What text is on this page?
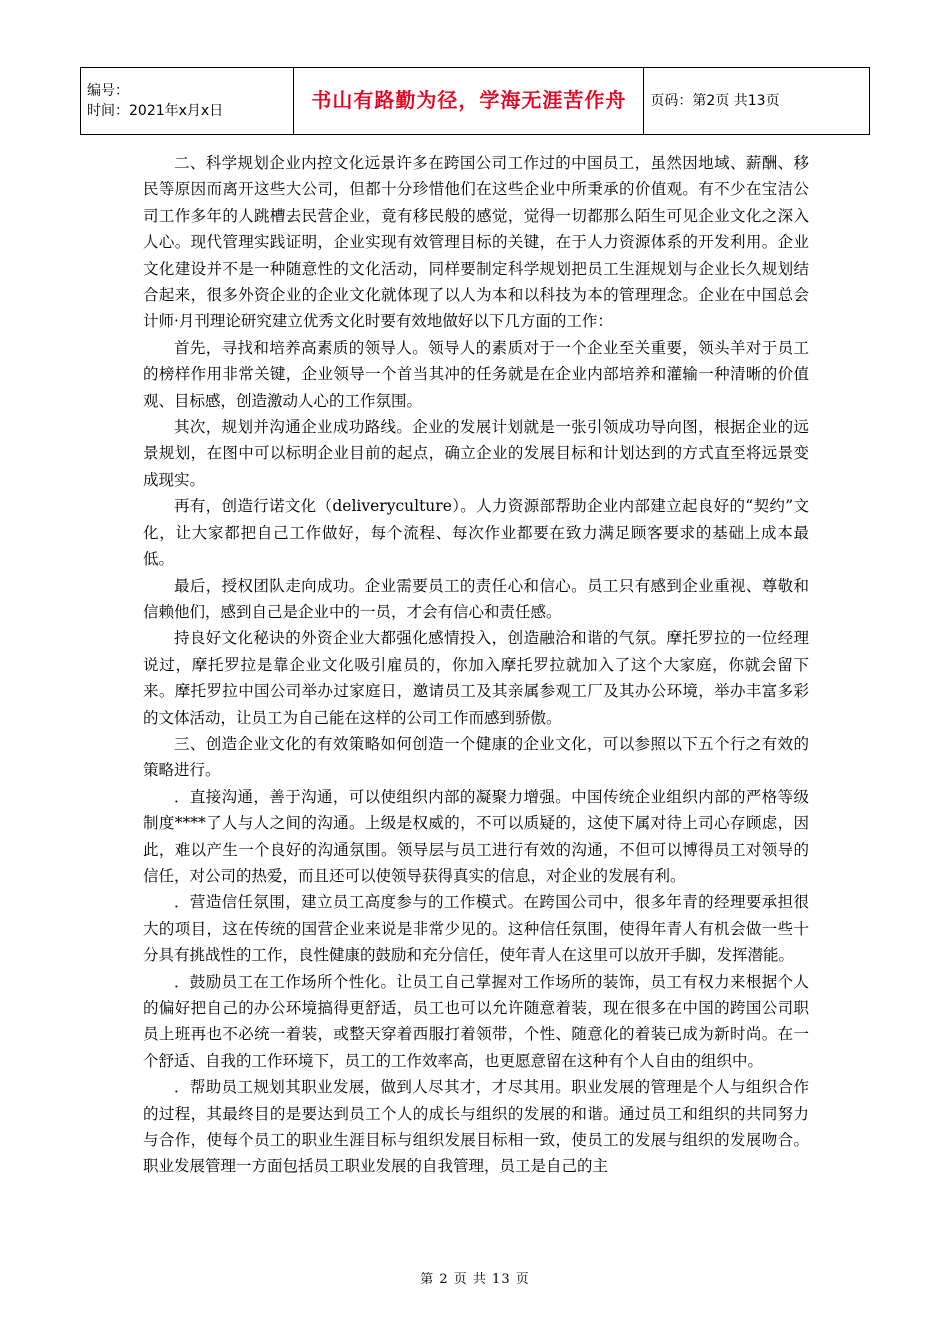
编号：
时间：2021年x月x日	书山有路勤为径，学海无涯苦作舟	页码：第2页 共13页

二、科学规划企业内控文化远景许多在跨国公司工作过的中国员工，虽然因地域、薪酬、移民等原因而离开这些大公司，但都十分珍惜他们在这些企业中所秉承的价值观。有不少在宝洁公司工作多年的人跳槽去民营企业，竟有移民般的感觉，觉得一切都那么陌生可见企业文化之深入人心。现代管理实践证明，企业实现有效管理目标的关键，在于人力资源体系的开发利用。企业文化建设并不是一种随意性的文化活动，同样要制定科学规划把员工生涯规划与企业长久规划结合起来，很多外资企业的企业文化就体现了以人为本和以科技为本的管理理念。企业在中国总会计师·月刊理论研究建立优秀文化时要有效地做好以下几方面的工作：

首先，寻找和培养高素质的领导人。领导人的素质对于一个企业至关重要，领头羊对于员工的榜样作用非常关键，企业领导一个首当其冲的任务就是在企业内部培养和灌输一种清晰的价值观、目标感，创造激动人心的工作氛围。

其次，规划并沟通企业成功路线。企业的发展计划就是一张引领成功导向图，根据企业的远景规划，在图中可以标明企业目前的起点，确立企业的发展目标和计划达到的方式直至将远景变成现实。

再有，创造行诺文化（deliveryculture）。人力资源部帮助企业内部建立起良好的“契约”文化，让大家都把自己工作做好，每个流程、每次作业都要在致力满足顾客要求的基础上成本最低。

最后，授权团队走向成功。企业需要员工的责任心和信心。员工只有感到企业重视、尊敬和信赖他们，感到自己是企业中的一员，才会有信心和责任感。

持良好文化秘诀的外资企业大都强化感情投入，创造融洽和谐的气氛。摩托罗拉的一位经理说过，摩托罗拉是靠企业文化吸引雇员的，你加入摩托罗拉就加入了这个大家庭，你就会留下来。摩托罗拉中国公司举办过家庭日，邀请员工及其亲属参观工厂及其办公环境，举办丰富多彩的文体活动，让员工为自己能在这样的公司工作而感到骄傲。

三、创造企业文化的有效策略如何创造一个健康的企业文化，可以参照以下五个行之有效的策略进行。

．直接沟通，善于沟通，可以使组织内部的凝聚力增强。中国传统企业组织内部的严格等级制度****了人与人之间的沟通。上级是权威的，不可以质疑的，这使下属对待上司心存顾虑，因此，难以产生一个良好的沟通氛围。领导层与员工进行有效的沟通，不但可以博得员工对领导的信任，对公司的热爱，而且还可以使领导获得真实的信息，对企业的发展有利。

．营造信任氛围，建立员工高度参与的工作模式。在跨国公司中，很多年青的经理要承担很大的项目，这在传统的国营企业来说是非常少见的。这种信任氛围，使得年青人有机会做一些十分具有挑战性的工作，良性健康的鼓励和充分信任，使年青人在这里可以放开手脚，发挥潜能。

．鼓励员工在工作场所个性化。让员工自己掌握对工作场所的装饰，员工有权力来根据个人的偏好把自己的办公环境搞得更舒适，员工也可以允许随意着装，现在很多在中国的跨国公司职员上班再也不必统一着装，或整天穿着西服打着领带，个性、随意化的着装已成为新时尚。在一个舒适、自我的工作环境下，员工的工作效率高，也更愿意留在这种有个人自由的组织中。

．帮助员工规划其职业发展，做到人尽其才，才尽其用。职业发展的管理是个人与组织合作的过程，其最终目的是要达到员工个人的成长与组织的发展的和谐。通过员工和组织的共同努力与合作，使每个员工的职业生涯目标与组织发展目标相一致，使员工的发展与组织的发展吻合。职业发展管理一方面包括员工职业发展的自我管理，员工是自己的主

第 2 页 共 13 页
